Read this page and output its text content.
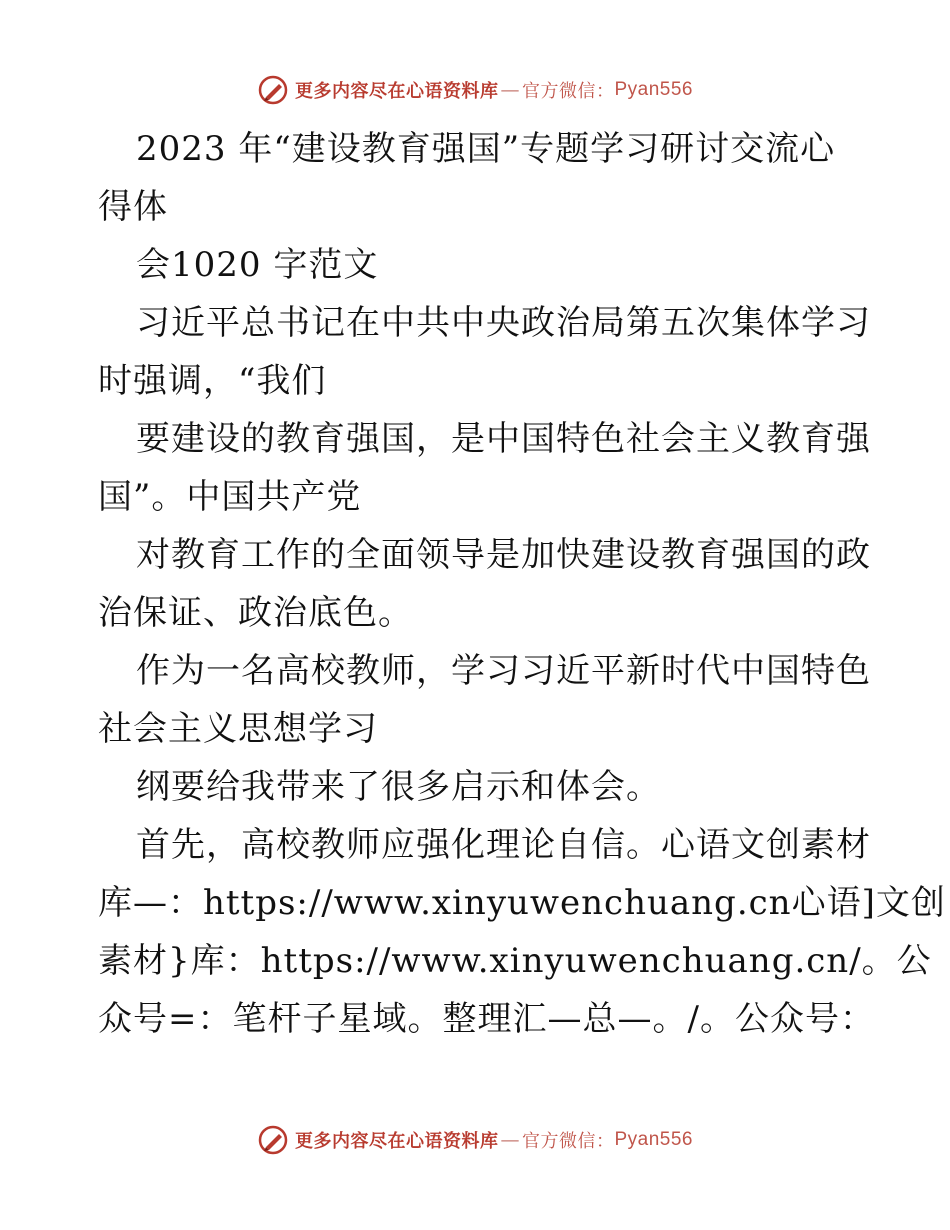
更多内容尽在心语资料库 — 官方微信： Pyan556
2023 年“建设教育强国”专题学习研讨交流心
得体
会1020 字范文
习近平总书记在中共中央政治局第五次集体学习
时强调，“我们
要建设的教育强国，是中国特色社会主义教育强
国”。中国共产党
对教育工作的全面领导是加快建设教育强国的政
治保证、政治底色。
作为一名高校教师，学习习近平新时代中国特色
社会主义思想学习
纲要给我带来了很多启示和体会。
首先，高校教师应强化理论自信。心语文创素材
库—：https://www.xinyuwenchuang.cn心语]文创
素材}库：https://www.xinyuwenchuang.cn/。公
众号=：笔杆子星域。整理汇—总—。/。公众号：
更多内容尽在心语资料库 — 官方微信： Pyan556
